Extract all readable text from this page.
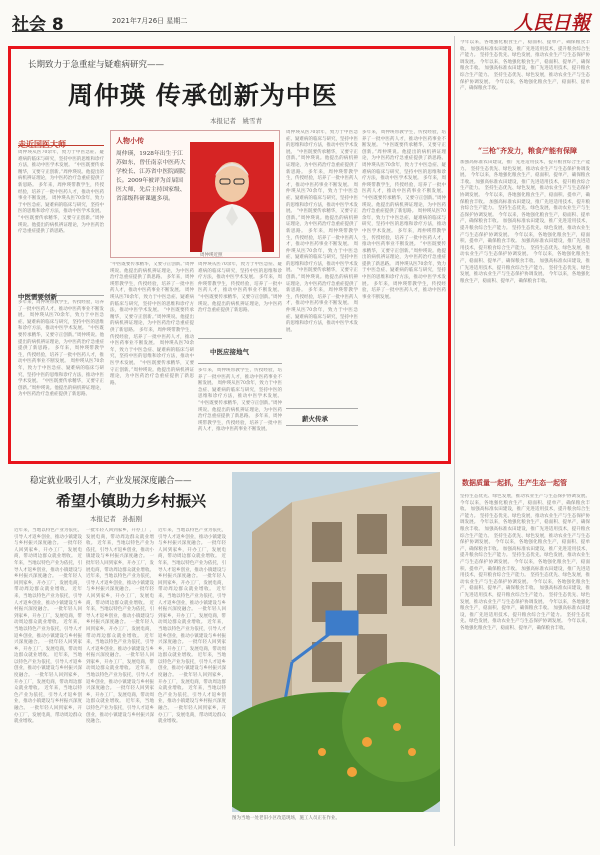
社会 8	2021年7月26日 星期二	人民日報
长期致力于急重症与疑难病研究——
周仲瑛 传承创新为中医
本报记者　姚雪青
走近国医大师
周仲瑛从医70余年，致力于中医急症、疑难病的临床与研究，坚持中医的思维和诊疗方法，推动中医学术发展。 “中医既要传承精华，又要守正创新。”周仲瑛说。他提出的病机辨证理论，为中医药治疗急重症提供了新思路。 多年来，周仲瑛带教学生，传授经验，培养了一批中医药人才，推动中医药事业不断发展。 周仲瑛从医70余年，致力于中医急症、疑难病的临床与研究，坚持中医的思维和诊疗方法，推动中医学术发展。 “中医既要传承精华，又要守正创新。”周仲瑛说。他提出的病机辨证理论，为中医药治疗急重症提供了新思路。
中医需要创新
多年来，周仲瑛带教学生，传授经验，培养了一批中医药人才，推动中医药事业不断发展。 周仲瑛从医70余年，致力于中医急症、疑难病的临床与研究，坚持中医的思维和诊疗方法，推动中医学术发展。 “中医既要传承精华，又要守正创新。”周仲瑛说。他提出的病机辨证理论，为中医药治疗急重症提供了新思路。 多年来，周仲瑛带教学生，传授经验，培养了一批中医药人才，推动中医药事业不断发展。 周仲瑛从医70余年，致力于中医急症、疑难病的临床与研究，坚持中医的思维和诊疗方法，推动中医学术发展。 “中医既要传承精华，又要守正创新。”周仲瑛说。他提出的病机辨证理论，为中医药治疗急重症提供了新思路。
人物小传
周仲瑛，1928年出生于江苏如东，曾任南京中医药大学校长、江苏省中医院副院长。2009年被评为首届国医大师，先后主持国家级、省部级科研课题多项。
周仲瑛近照
“中医既要传承精华，又要守正创新。”周仲瑛说。他提出的病机辨证理论，为中医药治疗急重症提供了新思路。 多年来，周仲瑛带教学生，传授经验，培养了一批中医药人才，推动中医药事业不断发展。 周仲瑛从医70余年，致力于中医急症、疑难病的临床与研究，坚持中医的思维和诊疗方法，推动中医学术发展。 “中医既要传承精华，又要守正创新。”周仲瑛说。他提出的病机辨证理论，为中医药治疗急重症提供了新思路。 多年来，周仲瑛带教学生，传授经验，培养了一批中医药人才，推动中医药事业不断发展。 周仲瑛从医70余年，致力于中医急症、疑难病的临床与研究，坚持中医的思维和诊疗方法，推动中医学术发展。 “中医既要传承精华，又要守正创新。”周仲瑛说。他提出的病机辨证理论，为中医药治疗急重症提供了新思路。
周仲瑛从医70余年，致力于中医急症、疑难病的临床与研究，坚持中医的思维和诊疗方法，推动中医学术发展。 多年来，周仲瑛带教学生，传授经验，培养了一批中医药人才，推动中医药事业不断发展。 “中医既要传承精华，又要守正创新。”周仲瑛说。他提出的病机辨证理论，为中医药治疗急重症提供了新思路。
中医应接地气
多年来，周仲瑛带教学生，传授经验，培养了一批中医药人才，推动中医药事业不断发展。 周仲瑛从医70余年，致力于中医急症、疑难病的临床与研究，坚持中医的思维和诊疗方法，推动中医学术发展。 “中医既要传承精华，又要守正创新。”周仲瑛说。他提出的病机辨证理论，为中医药治疗急重症提供了新思路。 多年来，周仲瑛带教学生，传授经验，培养了一批中医药人才，推动中医药事业不断发展。
周仲瑛从医70余年，致力于中医急症、疑难病的临床与研究，坚持中医的思维和诊疗方法，推动中医学术发展。 “中医既要传承精华，又要守正创新。”周仲瑛说。他提出的病机辨证理论，为中医药治疗急重症提供了新思路。 多年来，周仲瑛带教学生，传授经验，培养了一批中医药人才，推动中医药事业不断发展。 周仲瑛从医70余年，致力于中医急症、疑难病的临床与研究，坚持中医的思维和诊疗方法，推动中医学术发展。 “中医既要传承精华，又要守正创新。”周仲瑛说。他提出的病机辨证理论，为中医药治疗急重症提供了新思路。 多年来，周仲瑛带教学生，传授经验，培养了一批中医药人才，推动中医药事业不断发展。 周仲瑛从医70余年，致力于中医急症、疑难病的临床与研究，坚持中医的思维和诊疗方法，推动中医学术发展。 “中医既要传承精华，又要守正创新。”周仲瑛说。他提出的病机辨证理论，为中医药治疗急重症提供了新思路。 多年来，周仲瑛带教学生，传授经验，培养了一批中医药人才，推动中医药事业不断发展。 周仲瑛从医70余年，致力于中医急症、疑难病的临床与研究，坚持中医的思维和诊疗方法，推动中医学术发展。
薪火传承
多年来，周仲瑛带教学生，传授经验，培养了一批中医药人才，推动中医药事业不断发展。 “中医既要传承精华，又要守正创新。”周仲瑛说。他提出的病机辨证理论，为中医药治疗急重症提供了新思路。 周仲瑛从医70余年，致力于中医急症、疑难病的临床与研究，坚持中医的思维和诊疗方法，推动中医学术发展。 多年来，周仲瑛带教学生，传授经验，培养了一批中医药人才，推动中医药事业不断发展。 “中医既要传承精华，又要守正创新。”周仲瑛说。他提出的病机辨证理论，为中医药治疗急重症提供了新思路。 周仲瑛从医70余年，致力于中医急症、疑难病的临床与研究，坚持中医的思维和诊疗方法，推动中医学术发展。 多年来，周仲瑛带教学生，传授经验，培养了一批中医药人才，推动中医药事业不断发展。 “中医既要传承精华，又要守正创新。”周仲瑛说。他提出的病机辨证理论，为中医药治疗急重症提供了新思路。 周仲瑛从医70余年，致力于中医急症、疑难病的临床与研究，坚持中医的思维和诊疗方法，推动中医学术发展。 多年来，周仲瑛带教学生，传授经验，培养了一批中医药人才，推动中医药事业不断发展。
今年以来，各地强化粮食生产，稳面积、提单产，确保粮食丰收。 加强高标准农田建设，推广先进适用技术，提升粮食综合生产能力。 坚持生态优先、绿色发展，推动农业生产与生态保护协调发展。 今年以来，各地强化粮食生产，稳面积、提单产，确保粮食丰收。 加强高标准农田建设，推广先进适用技术，提升粮食综合生产能力。 坚持生态优先、绿色发展，推动农业生产与生态保护协调发展。 今年以来，各地强化粮食生产，稳面积、提单产，确保粮食丰收。
“三枪”齐发力，粮食产能有保障
加强高标准农田建设，推广先进适用技术，提升粮食综合生产能力。 坚持生态优先、绿色发展，推动农业生产与生态保护协调发展。 今年以来，各地强化粮食生产，稳面积、提单产，确保粮食丰收。 加强高标准农田建设，推广先进适用技术，提升粮食综合生产能力。 坚持生态优先、绿色发展，推动农业生产与生态保护协调发展。 今年以来，各地强化粮食生产，稳面积、提单产，确保粮食丰收。 加强高标准农田建设，推广先进适用技术，提升粮食综合生产能力。 坚持生态优先、绿色发展，推动农业生产与生态保护协调发展。 今年以来，各地强化粮食生产，稳面积、提单产，确保粮食丰收。 加强高标准农田建设，推广先进适用技术，提升粮食综合生产能力。 坚持生态优先、绿色发展，推动农业生产与生态保护协调发展。 今年以来，各地强化粮食生产，稳面积、提单产，确保粮食丰收。 加强高标准农田建设，推广先进适用技术，提升粮食综合生产能力。 坚持生态优先、绿色发展，推动农业生产与生态保护协调发展。 今年以来，各地强化粮食生产，稳面积、提单产，确保粮食丰收。 加强高标准农田建设，推广先进适用技术，提升粮食综合生产能力。 坚持生态优先、绿色发展，推动农业生产与生态保护协调发展。 今年以来，各地强化粮食生产，稳面积、提单产，确保粮食丰收。
数据质量一起抓，生产生态一起管
坚持生态优先、绿色发展，推动农业生产与生态保护协调发展。 今年以来，各地强化粮食生产，稳面积、提单产，确保粮食丰收。 加强高标准农田建设，推广先进适用技术，提升粮食综合生产能力。 坚持生态优先、绿色发展，推动农业生产与生态保护协调发展。 今年以来，各地强化粮食生产，稳面积、提单产，确保粮食丰收。 加强高标准农田建设，推广先进适用技术，提升粮食综合生产能力。 坚持生态优先、绿色发展，推动农业生产与生态保护协调发展。 今年以来，各地强化粮食生产，稳面积、提单产，确保粮食丰收。 加强高标准农田建设，推广先进适用技术，提升粮食综合生产能力。 坚持生态优先、绿色发展，推动农业生产与生态保护协调发展。 今年以来，各地强化粮食生产，稳面积、提单产，确保粮食丰收。 加强高标准农田建设，推广先进适用技术，提升粮食综合生产能力。 坚持生态优先、绿色发展，推动农业生产与生态保护协调发展。 今年以来，各地强化粮食生产，稳面积、提单产，确保粮食丰收。 加强高标准农田建设，推广先进适用技术，提升粮食综合生产能力。 坚持生态优先、绿色发展，推动农业生产与生态保护协调发展。 今年以来，各地强化粮食生产，稳面积、提单产，确保粮食丰收。 加强高标准农田建设，推广先进适用技术，提升粮食综合生产能力。 坚持生态优先、绿色发展，推动农业生产与生态保护协调发展。 今年以来，各地强化粮食生产，稳面积、提单产，确保粮食丰收。
稳定就业吸引人才，产业发展深度融合——
希望小镇助力乡村振兴
本报记者　孙振刚
近年来，当地以特色产业为依托，引导人才返乡创业，推动小镇建设与乡村振兴深度融合。 一批年轻人回到家乡，开办工厂，发展电商，带动周边群众就业增收。 近年来，当地以特色产业为依托，引导人才返乡创业，推动小镇建设与乡村振兴深度融合。 一批年轻人回到家乡，开办工厂，发展电商，带动周边群众就业增收。 近年来，当地以特色产业为依托，引导人才返乡创业，推动小镇建设与乡村振兴深度融合。 一批年轻人回到家乡，开办工厂，发展电商，带动周边群众就业增收。 近年来，当地以特色产业为依托，引导人才返乡创业，推动小镇建设与乡村振兴深度融合。 一批年轻人回到家乡，开办工厂，发展电商，带动周边群众就业增收。 近年来，当地以特色产业为依托，引导人才返乡创业，推动小镇建设与乡村振兴深度融合。 一批年轻人回到家乡，开办工厂，发展电商，带动周边群众就业增收。 近年来，当地以特色产业为依托，引导人才返乡创业，推动小镇建设与乡村振兴深度融合。 一批年轻人回到家乡，开办工厂，发展电商，带动周边群众就业增收。
一批年轻人回到家乡，开办工厂，发展电商，带动周边群众就业增收。 近年来，当地以特色产业为依托，引导人才返乡创业，推动小镇建设与乡村振兴深度融合。 一批年轻人回到家乡，开办工厂，发展电商，带动周边群众就业增收。 近年来，当地以特色产业为依托，引导人才返乡创业，推动小镇建设与乡村振兴深度融合。 一批年轻人回到家乡，开办工厂，发展电商，带动周边群众就业增收。 近年来，当地以特色产业为依托，引导人才返乡创业，推动小镇建设与乡村振兴深度融合。 一批年轻人回到家乡，开办工厂，发展电商，带动周边群众就业增收。 近年来，当地以特色产业为依托，引导人才返乡创业，推动小镇建设与乡村振兴深度融合。 一批年轻人回到家乡，开办工厂，发展电商，带动周边群众就业增收。 近年来，当地以特色产业为依托，引导人才返乡创业，推动小镇建设与乡村振兴深度融合。 一批年轻人回到家乡，开办工厂，发展电商，带动周边群众就业增收。 近年来，当地以特色产业为依托，引导人才返乡创业，推动小镇建设与乡村振兴深度融合。
近年来，当地以特色产业为依托，引导人才返乡创业，推动小镇建设与乡村振兴深度融合。 一批年轻人回到家乡，开办工厂，发展电商，带动周边群众就业增收。 近年来，当地以特色产业为依托，引导人才返乡创业，推动小镇建设与乡村振兴深度融合。 一批年轻人回到家乡，开办工厂，发展电商，带动周边群众就业增收。 近年来，当地以特色产业为依托，引导人才返乡创业，推动小镇建设与乡村振兴深度融合。 一批年轻人回到家乡，开办工厂，发展电商，带动周边群众就业增收。 近年来，当地以特色产业为依托，引导人才返乡创业，推动小镇建设与乡村振兴深度融合。 一批年轻人回到家乡，开办工厂，发展电商，带动周边群众就业增收。 近年来，当地以特色产业为依托，引导人才返乡创业，推动小镇建设与乡村振兴深度融合。 一批年轻人回到家乡，开办工厂，发展电商，带动周边群众就业增收。 近年来，当地以特色产业为依托，引导人才返乡创业，推动小镇建设与乡村振兴深度融合。 一批年轻人回到家乡，开办工厂，发展电商，带动周边群众就业增收。
图为当地一处老旧小区改造现场，施工人员正在作业。
